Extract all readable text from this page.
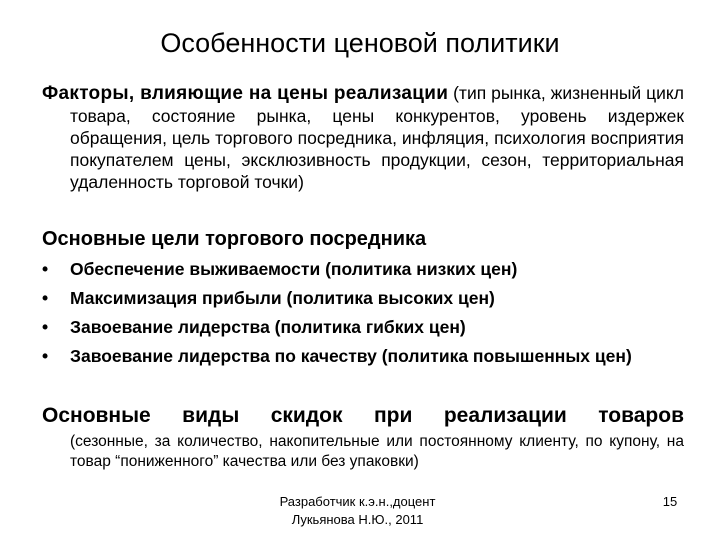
Особенности ценовой политики
Факторы, влияющие на цены реализации (тип рынка, жизненный цикл товара, состояние рынка, цены конкурентов, уровень издержек обращения, цель торгового посредника, инфляция, психология восприятия покупателем цены, эксклюзивность продукции, сезон, территориальная удаленность торговой точки)
Основные цели торгового посредника
•	Обеспечение выживаемости (политика низких цен)
•	Максимизация прибыли (политика высоких цен)
•	Завоевание лидерства (политика гибких цен)
•	Завоевание лидерства по качеству (политика повышенных цен)
Основные виды скидок при реализации товаров
(сезонные, за количество, накопительные или постоянному клиенту, по купону, на товар “пониженного” качества или без упаковки)
Разработчик к.э.н.,доцент
Лукьянова Н.Ю., 2011
15
